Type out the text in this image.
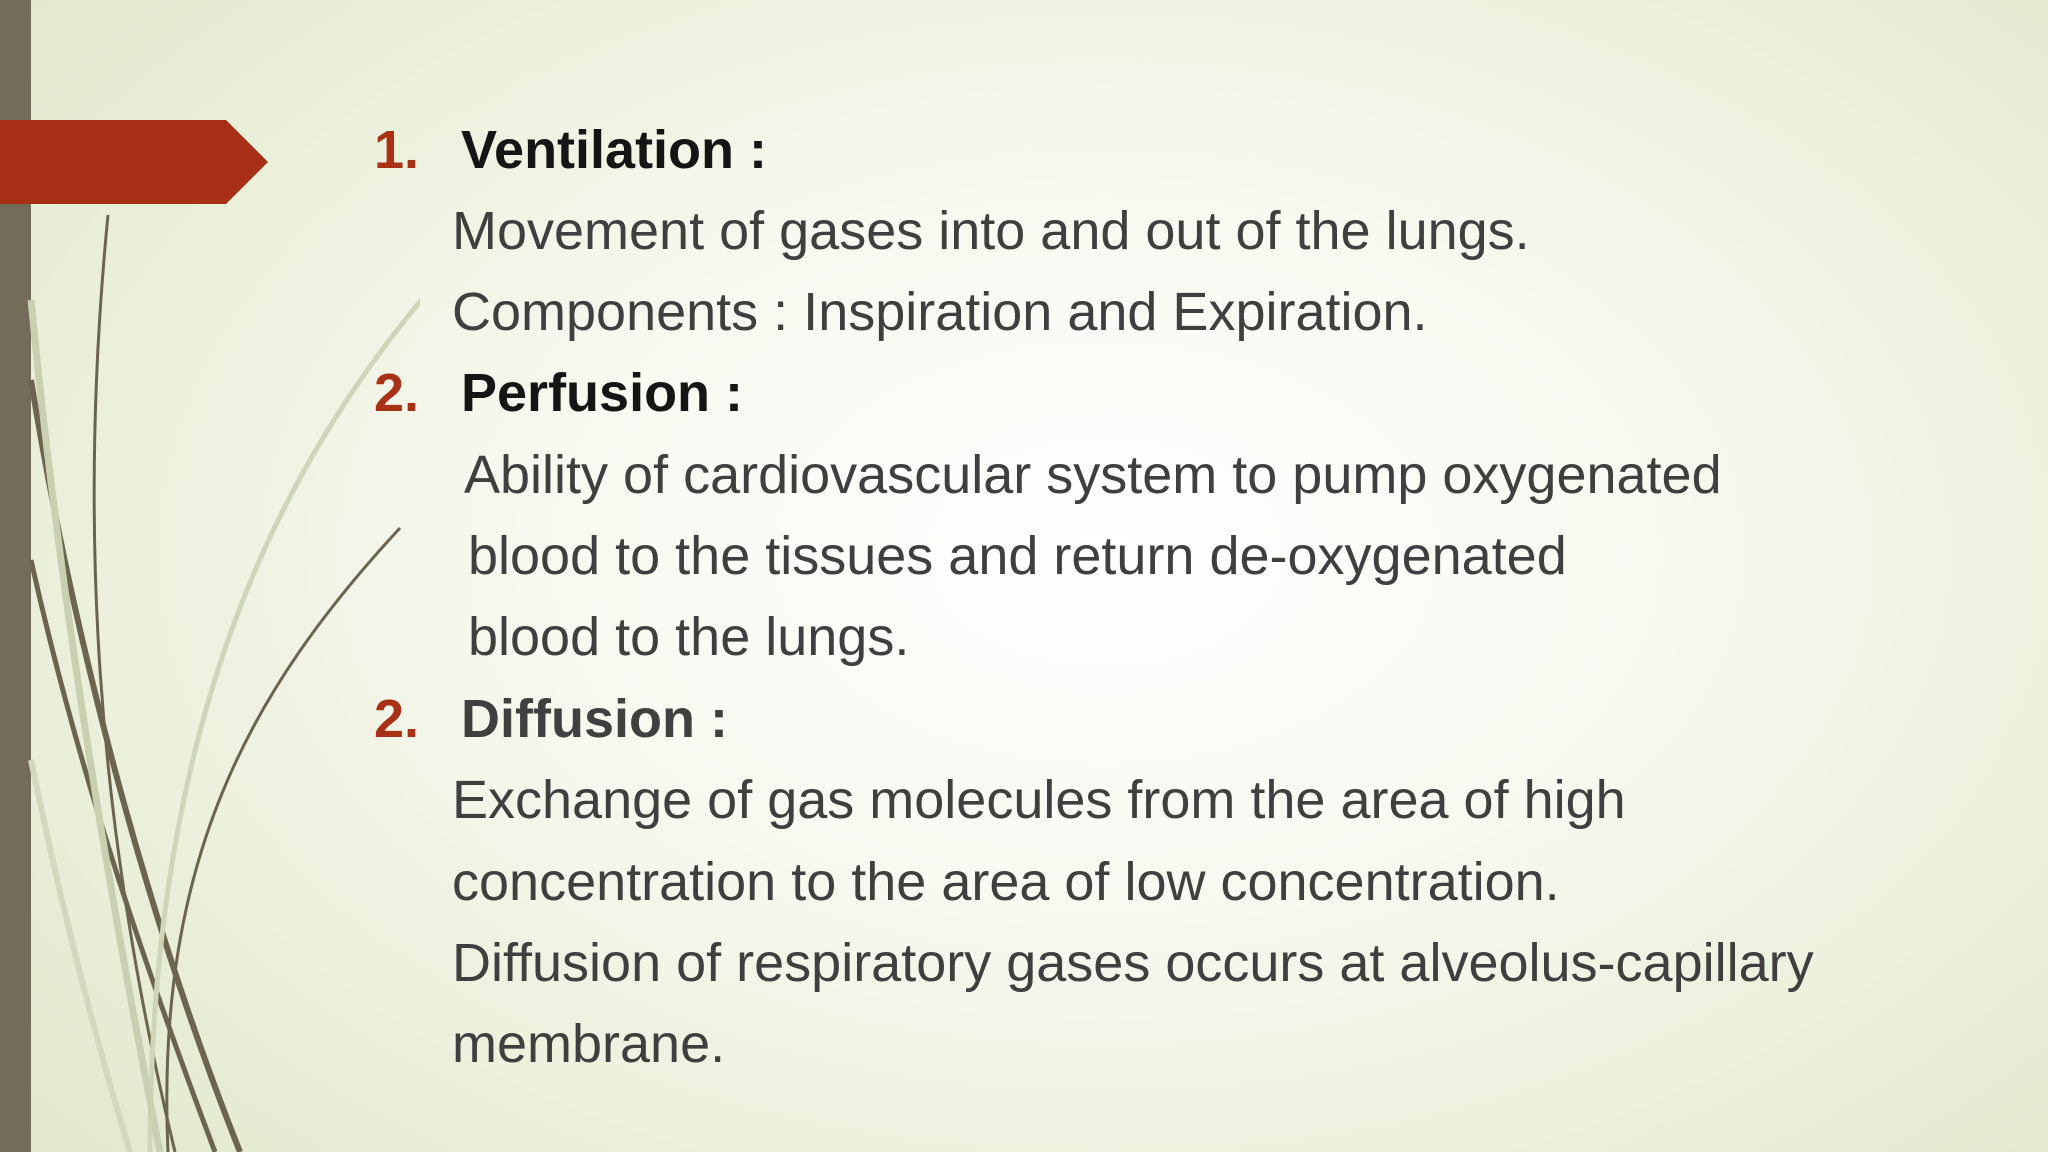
1. Ventilation :
Movement of gases into and out of the lungs.
Components : Inspiration and Expiration.
2. Perfusion :
Ability of cardiovascular system to pump oxygenated
blood to the tissues and return de-oxygenated
blood to the lungs.
2. Diffusion :
Exchange of gas molecules from the area of high
concentration to the area of low concentration.
Diffusion of respiratory gases occurs at alveolus-capillary
membrane.
